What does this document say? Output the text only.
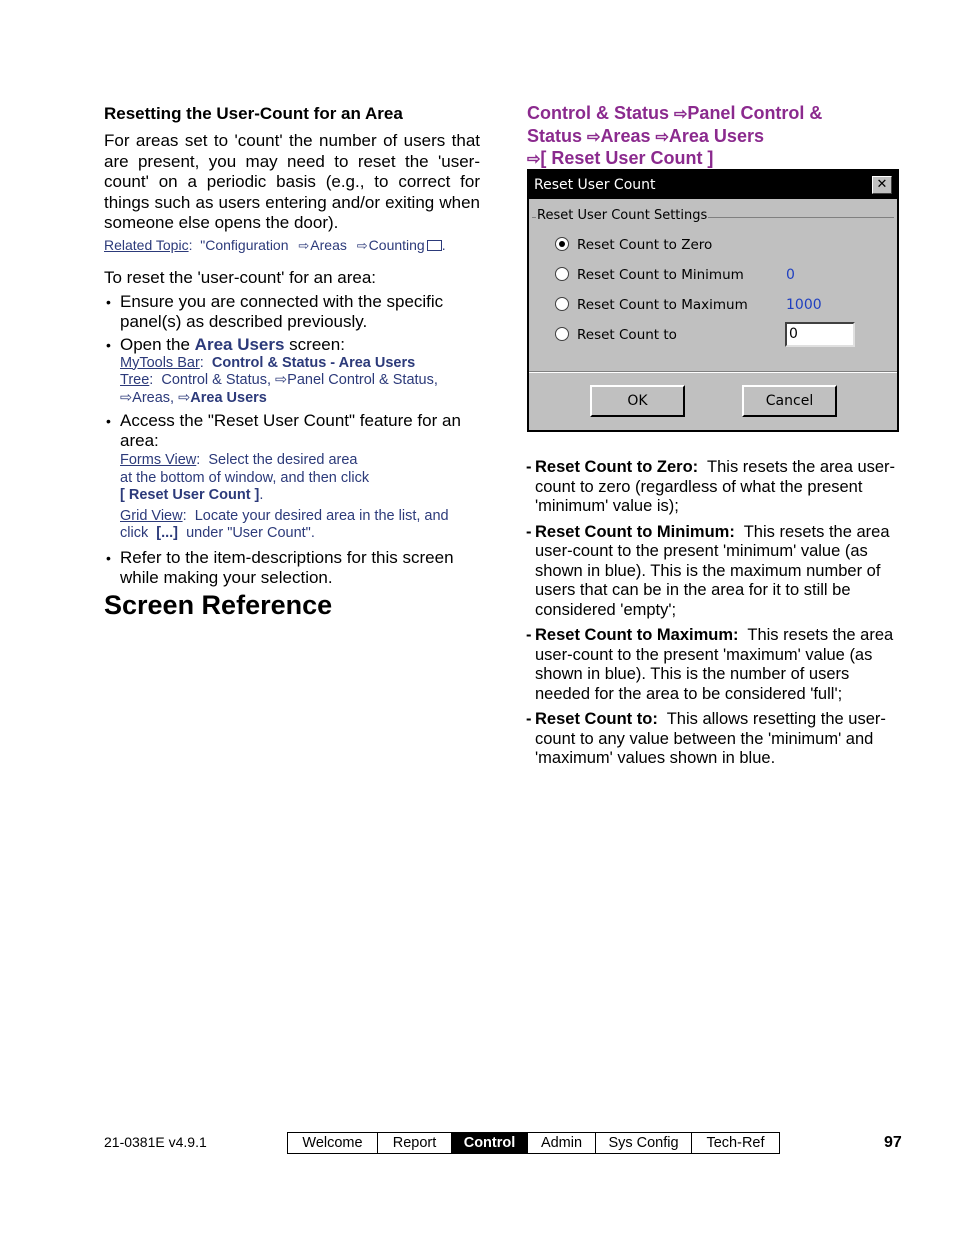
Resetting the User-Count for an Area

For areas set to 'count' the number of users that are present, you may need to reset the 'user-count' on a periodic basis (e.g., to correct for things such as users entering and/or exiting when someone else opens the door).

Related Topic:  "Configuration ⇨Areas ⇨Counting .
To reset the 'user-count' for an area:
• Ensure you are connected with the specific panel(s) as described previously.
• Open the Area Users screen:
MyTools Bar:  Control & Status - Area Users
Tree:  Control & Status, ⇨Panel Control & Status,
⇨Areas, ⇨Area Users
• Access the "Reset User Count" feature for an area:
Forms View:  Select the desired area
at the bottom of window, and then click
[ Reset User Count ].
Grid View:  Locate your desired area in the list, and
click [...] under "User Count".
• Refer to the item-descriptions for this screen while making your selection.
Screen Reference
Control & Status ⇨Panel Control &
Status ⇨Areas ⇨Area Users
⇨[ Reset User Count ]
Reset User Count	✕
Reset User Count Settings
Reset Count to Zero
Reset Count to Minimum	0
Reset Count to Maximum	1000
Reset Count to	0
OK	Cancel
- Reset Count to Zero: This resets the area user-count to zero (regardless of what the present 'minimum' value is);
- Reset Count to Minimum: This resets the area user-count to the present 'minimum' value (as shown in blue). This is the maximum number of users that can be in the area for it to still be considered 'empty';
- Reset Count to Maximum: This resets the area user-count to the present 'maximum' value (as shown in blue). This is the number of users needed for the area to be considered 'full';
- Reset Count to: This allows resetting the user-count to any value between the 'minimum' and 'maximum' values shown in blue.
21-0381E v4.9.1	Welcome	Report	Control	Admin	Sys Config	Tech-Ref	97
